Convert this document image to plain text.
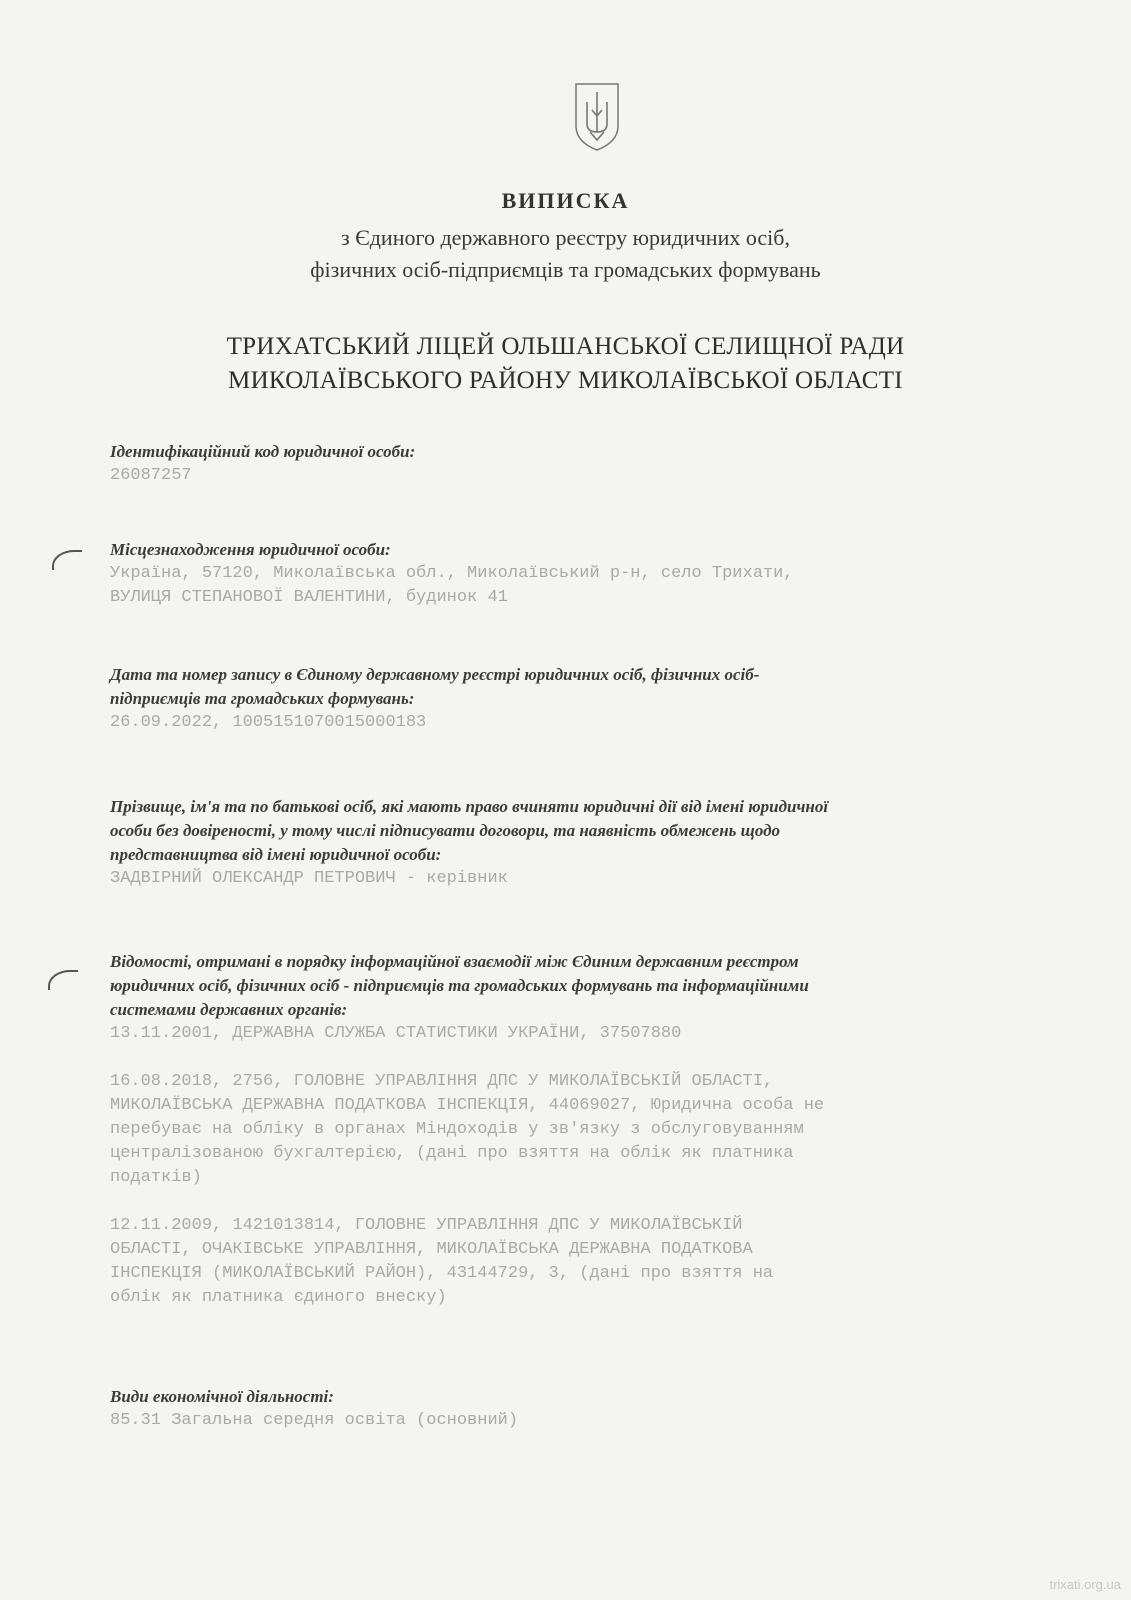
ВИПИСКА

з Єдиного державного реєстру юридичних осіб,

фізичних осіб-підприємців та громадських формувань

ТРИХАТСЬКИЙ ЛІЦЕЙ ОЛЬШАНСЬКОЇ СЕЛИЩНОЇ РАДИ

МИКОЛАЇВСЬКОГО РАЙОНУ МИКОЛАЇВСЬКОЇ ОБЛАСТІ

Ідентифікаційний код юридичної особи:

26087257

Місцезнаходження юридичної особи:

Україна, 57120, Миколаївська обл., Миколаївський р-н, село Трихати,

ВУЛИЦЯ СТЕПАНОВОЇ ВАЛЕНТИНИ, будинок 41

Дата та номер запису в Єдиному державному реєстрі юридичних осіб, фізичних осіб-

підприємців та громадських формувань:

26.09.2022, 1005151070015000183

Прізвище, ім'я та по батькові осіб, які мають право вчиняти юридичні дії від імені юридичної

особи без довіреності, у тому числі підписувати договори, та наявність обмежень щодо

представництва від імені юридичної особи:

ЗАДВІРНИЙ ОЛЕКСАНДР ПЕТРОВИЧ - керівник

Відомості, отримані в порядку інформаційної взаємодії між Єдиним державним реєстром

юридичних осіб, фізичних осіб - підприємців та громадських формувань та інформаційними

системами державних органів:

13.11.2001, ДЕРЖАВНА СЛУЖБА СТАТИСТИКИ УКРАЇНИ, 37507880

16.08.2018, 2756, ГОЛОВНЕ УПРАВЛІННЯ ДПС У МИКОЛАЇВСЬКІЙ ОБЛАСТІ,

МИКОЛАЇВСЬКА ДЕРЖАВНА ПОДАТКОВА ІНСПЕКЦІЯ, 44069027, Юридична особа не

перебуває на обліку в органах Міндоходів у зв'язку з обслуговуванням

централізованою бухгалтерією, (дані про взяття на облік як платника

податків)

12.11.2009, 1421013814, ГОЛОВНЕ УПРАВЛІННЯ ДПС У МИКОЛАЇВСЬКІЙ

ОБЛАСТІ, ОЧАКІВСЬКЕ УПРАВЛІННЯ, МИКОЛАЇВСЬКА ДЕРЖАВНА ПОДАТКОВА

ІНСПЕКЦІЯ (МИКОЛАЇВСЬКИЙ РАЙОН), 43144729, 3, (дані про взяття на

облік як платника єдиного внеску)

Види економічної діяльності:

85.31 Загальна середня освіта (основний)

trixati.org.ua
